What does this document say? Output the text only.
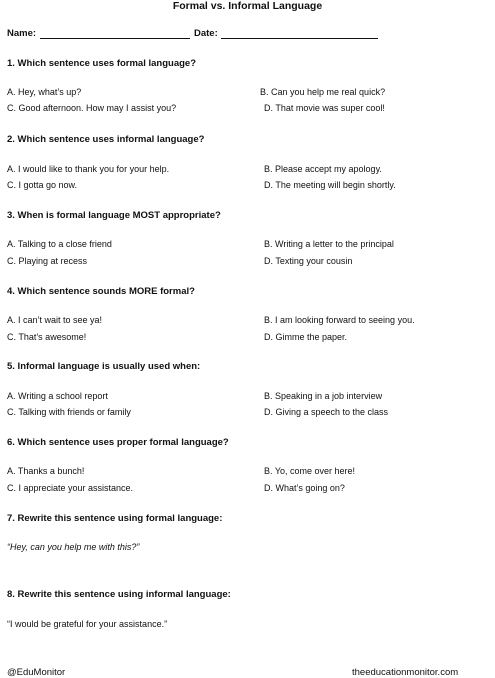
Formal vs. Informal Language
Name:	Date:
1. Which sentence uses formal language?
A. Hey, what’s up?	B. Can you help me real quick?
C. Good afternoon. How may I assist you?	D. That movie was super cool!
2. Which sentence uses informal language?
A. I would like to thank you for your help.	B. Please accept my apology.
C. I gotta go now.	D. The meeting will begin shortly.
3. When is formal language MOST appropriate?
A. Talking to a close friend	B. Writing a letter to the principal
C. Playing at recess	D. Texting your cousin
4. Which sentence sounds MORE formal?
A. I can’t wait to see ya!	B. I am looking forward to seeing you.
C. That’s awesome!	D. Gimme the paper.
5. Informal language is usually used when:
A. Writing a school report	B. Speaking in a job interview
C. Talking with friends or family	D. Giving a speech to the class
6. Which sentence uses proper formal language?
A. Thanks a bunch!	B. Yo, come over here!
C. I appreciate your assistance.	D. What’s going on?
7. Rewrite this sentence using formal language:
“Hey, can you help me with this?”
8. Rewrite this sentence using informal language:
“I would be grateful for your assistance.”
@EduMonitor	theeducationmonitor.com
